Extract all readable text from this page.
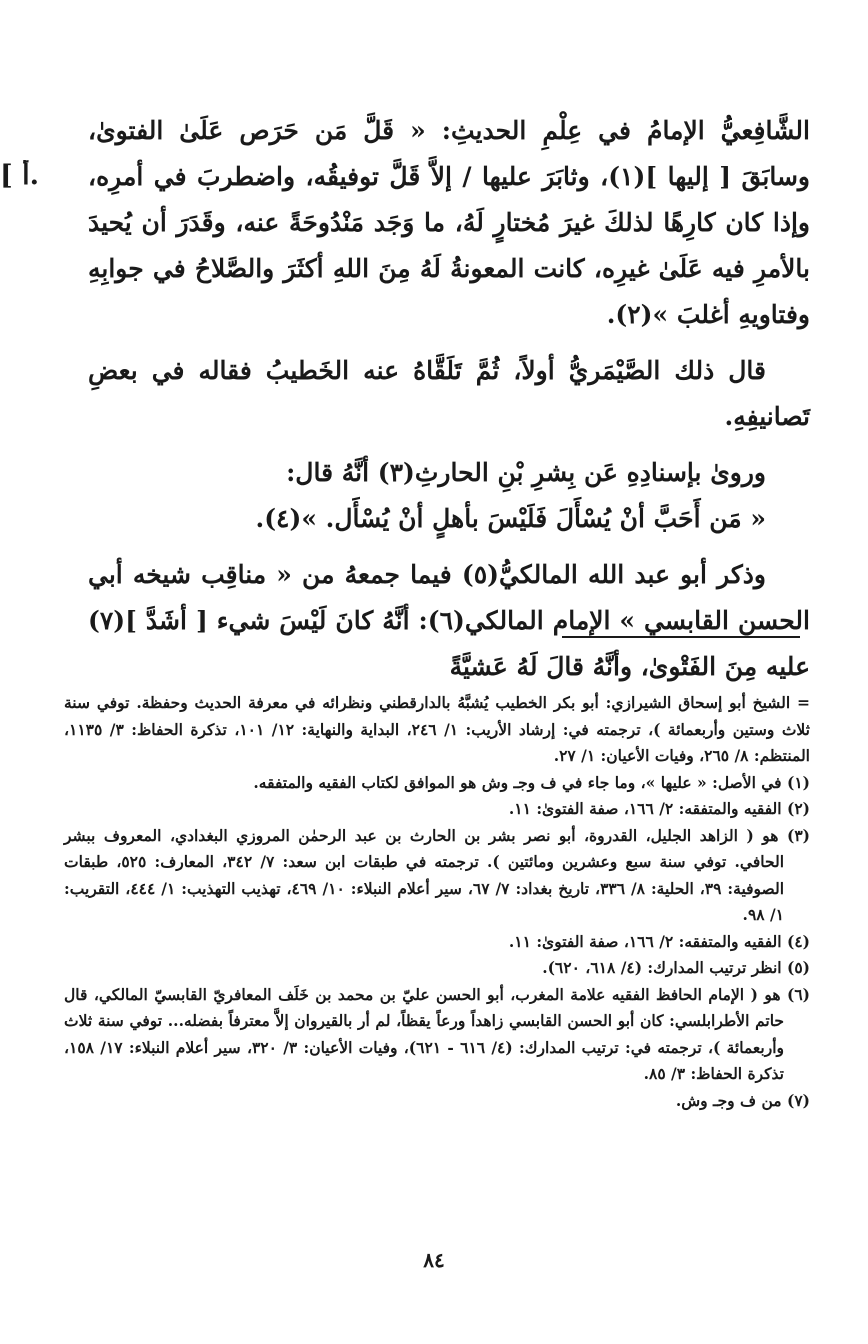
.أ ]

الشَّافِعيُّ الإمامُ في عِلْمِ الحديثِ: « قَلَّ مَن حَرَص عَلَىٰ الفتوىٰ، وسابَقَ [ إليها ](١)، وثابَرَ عليها / إلاَّ قَلَّ توفيقُه، واضطربَ في أمرِه، وإذا كان كارِهًا لذلكَ غيرَ مُختارٍ لَهُ، ما وَجَد مَنْدُوحَةً عنه، وقَدَرَ أن يُحيدَ بالأمرِ فيه عَلَىٰ غيرِه، كانت المعونةُ لَهُ مِنَ اللهِ أكثَرَ والصَّلاحُ في جوابِهِ وفتاويهِ أغلبَ »(٢).

قال ذلك الصَّيْمَريُّ أولاً، ثُمَّ تَلَقَّاهُ عنه الخَطيبُ فقاله في بعضِ تَصانيفِهِ.

وروىٰ بإسنادِهِ عَن بِشرِ بْنِ الحارثِ(٣) أنَّهُ قال:

« مَن أَحَبَّ أنْ يُسْأَلَ فَلَيْسَ بأهلٍ أنْ يُسْأَل. »(٤).

وذكر أبو عبد الله المالكيُّ(٥) فيما جمعهُ من « مناقِب شيخه أبي الحسن القابسي » الإمام المالكي(٦): أنَّهُ كانَ لَيْسَ شيء [ أشَدَّ ](٧) عليه مِنَ الفَتْوىٰ، وأنَّهُ قالَ لَهُ عَشيَّةً

= الشيخ أبو إسحاق الشيرازي: أبو بكر الخطيب يُشبَّهُ بالدارقطني ونظرائه في معرفة الحديث وحفظة. توفي سنة ثلاث وستين وأربعمائة )، ترجمته في: إرشاد الأريب: ١/ ٢٤٦، البداية والنهاية: ١٢/ ١٠١، تذكرة الحفاظ: ٣/ ١١٣٥، المنتظم: ٨/ ٢٦٥، وفيات الأعيان: ١/ ٢٧.

(١) في الأصل: « عليها »، وما جاء في ف وجـ وش هو الموافق لكتاب الفقيه والمتفقه.

(٢) الفقيه والمتفقه: ٢/ ١٦٦، صفة الفتوىٰ: ١١.

(٣) هو ( الزاهد الجليل، القدروة، أبو نصر بشر بن الحارث بن عبد الرحمٰن المروزي البغدادي، المعروف ببشر الحافي. توفي سنة سبع وعشرين ومائتين ). ترجمته في طبقات ابن سعد: ٧/ ٣٤٢، المعارف: ٥٢٥، طبقات الصوفية: ٣٩، الحلية: ٨/ ٣٣٦، تاريخ بغداد: ٧/ ٦٧، سير أعلام النبلاء: ١٠/ ٤٦٩، تهذيب التهذيب: ١/ ٤٤٤، التقريب: ١/ ٩٨.

(٤) الفقيه والمتفقه: ٢/ ١٦٦، صفة الفتوىٰ: ١١.

(٥) انظر ترتيب المدارك: (٤/ ٦١٨، ٦٢٠).

(٦) هو ( الإمام الحافظ الفقيه علامة المغرب، أبو الحسن عليّ بن محمد بن خَلَف المعافريّ القابسيّ المالكي، قال حاتم الأطرابلسي: كان أبو الحسن القابسي زاهداً ورعاً يقظاً، لم أر بالقيروان إلاَّ معترفاً بفضله... توفي سنة ثلاث وأربعمائة )، ترجمته في: ترتيب المدارك: (٤/ ٦١٦ - ٦٢١)، وفيات الأعيان: ٣/ ٣٢٠، سير أعلام النبلاء: ١٧/ ١٥٨، تذكرة الحفاظ: ٣/ ٨٥.

(٧) من ف وجـ وش.

٨٤
